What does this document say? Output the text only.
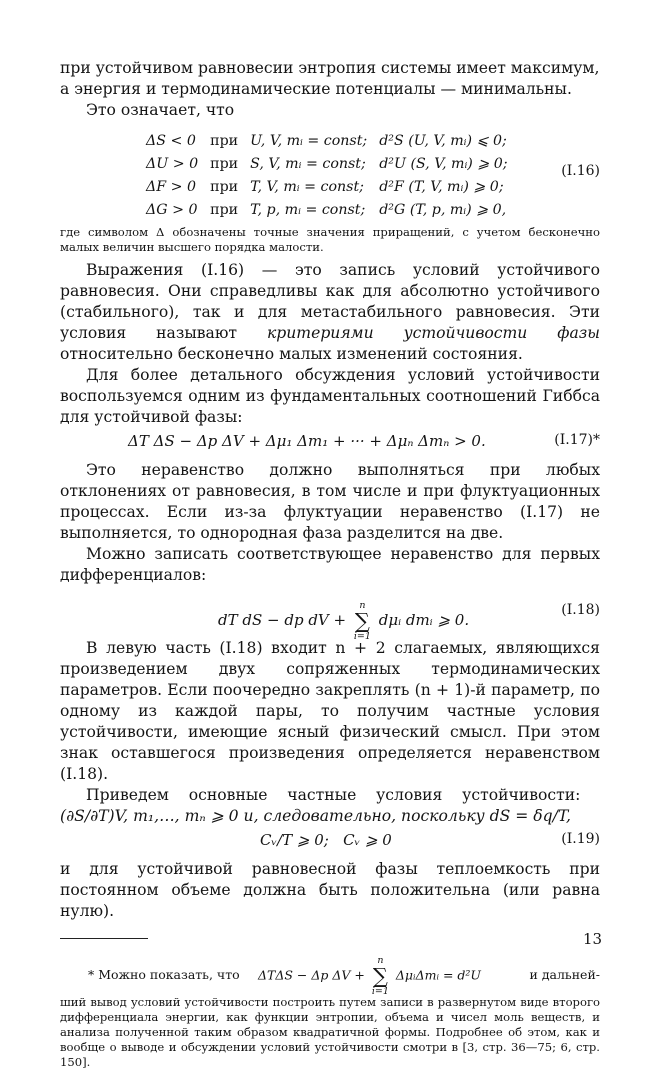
при устойчивом равновесии энтропия системы имеет максимум,

а энергия и термодинамические потенциалы — минимальны.

Это означает, что

ΔS < 0	при	U, V, mᵢ = const;	d²S (U, V, mᵢ) ⩽ 0;
ΔU > 0	при	S, V, mᵢ = const;	d²U (S, V, mᵢ) ⩾ 0;
ΔF > 0	при	T, V, mᵢ = const;	d²F (T, V, mᵢ) ⩾ 0;
ΔG > 0	при	T, p, mᵢ = const;	d²G (T, p, mᵢ) ⩾ 0,
(I.16)

где символом Δ обозначены точные значения приращений, с учетом бесконечно малых величин высшего порядка малости.

Выражения (I.16) — это запись условий устойчивого равновесия. Они справедливы как для абсолютно устойчивого (стабильного), так и для метастабильного равновесия. Эти условия называют критериями устойчивости фазы относительно бесконечно малых изменений состояния.

Для более детального обсуждения условий устойчивости воспользуемся одним из фундаментальных соотношений Гиббса для устойчивой фазы:

ΔT ΔS − Δp ΔV + Δμ₁ Δm₁ + ··· + Δμₙ Δmₙ > 0.	(I.17)*

Это неравенство должно выполняться при любых отклонениях от равновесия, в том числе и при флуктуационных процессах. Если из-за флуктуации неравенство (I.17) не выполняется, то однородная фаза разделится на две.

Можно записать соответствующее неравенство для первых дифференциалов:

dT dS − dp dV +
n
∑
i=1
dμᵢ dmᵢ ⩾ 0.
(I.18)

В левую часть (I.18) входит n + 2 слагаемых, являющихся произведением двух сопряженных термодинамических параметров. Если поочередно закреплять (n + 1)-й параметр, по одному из каждой пары, то получим частные условия устойчивости, имеющие ясный физический смысл. При этом знак оставшегося произведения определяется неравенством (I.18).

Приведем    основные    частные    условия    устойчивости:

(∂S/∂T)V, m₁,…, mₙ ⩾ 0 и, следовательно, поскольку dS = δq/T,

Cᵥ/T ⩾ 0;   Cᵥ ⩾ 0	(I.19)

и для устойчивой равновесной фазы теплоемкость при постоянном объеме должна быть положительна (или равна нулю).

* Можно показать, что ΔTΔS − Δp ΔV +
n
∑
i=1
ΔμᵢΔmᵢ = d²U	и дальней-

ший вывод условий устойчивости построить путем записи в развернутом виде второго дифференциала энергии, как функции энтропии, объема и чисел моль веществ, и анализа полученной таким образом квадратичной формы. Подробнее об этом, как и вообще о выводе и обсуждении условий устойчивости смотри в [3, стр. 36—75; 6, стр. 150].

13
